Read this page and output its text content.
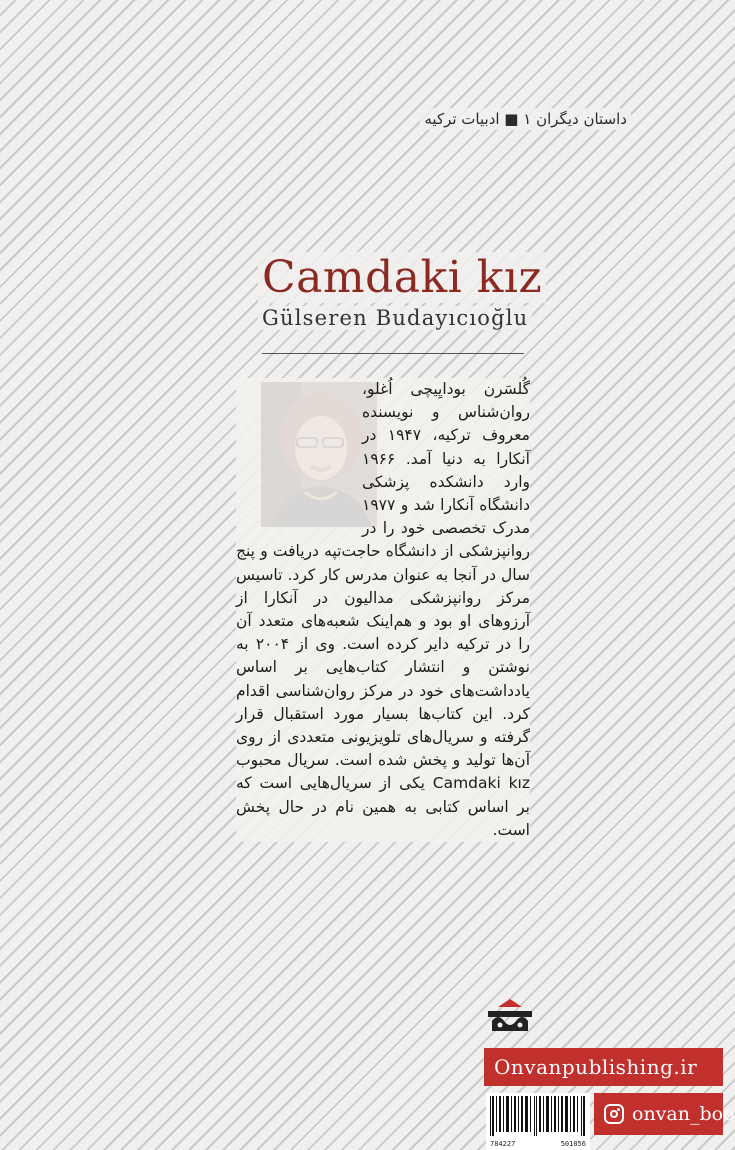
داستان دیگران ۱ ■ ادبیات ترکیه
Camdaki kız
Gülseren Budayıcıoğlu
گُلسَرن بودایِیچی اُغلو، روان‌شناس و نویسنده معروف ترکیه، ۱۹۴۷ در آنکارا به دنیا آمد. ۱۹۶۶ وارد دانشکده پزشکی دانشگاه آنکارا شد و ۱۹۷۷ مدرک تخصصی خود را در روانپزشکی از دانشگاه حاجت‌تپه دریافت و پنج سال در آنجا به عنوان مدرس کار کرد. تاسیس مرکز روانپزشکی مدالیون در آنکارا از آرزوهای او بود و هم‌اینک شعبه‌های متعدد آن را در ترکیه دایر کرده است. وی از ۲۰۰۴ به نوشتن و انتشار کتاب‌هایی بر اساس یادداشت‌های خود در مرکز روان‌شناسی اقدام کرد. این کتاب‌ها بسیار مورد استقبال قرار گرفته و سریال‌های تلویزیونی متعددی از روی آن‌ها تولید و پخش شده است. سریال محبوب Camdaki kız یکی از سریال‌هایی است که بر اساس کتابی به همین نام در حال پخش است.
Onvanpublishing.ir
784227	501056
onvan_boo
